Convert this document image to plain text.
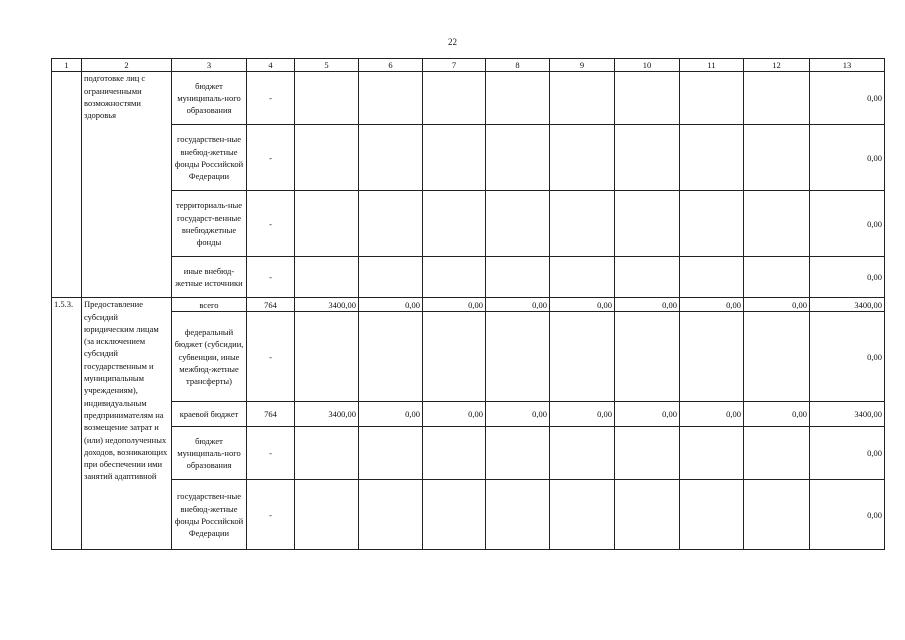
22
1	2	3	4	5	6	7	8	9	10	11	12	13
	подготовке лиц с ограниченными возможностями здоровья	бюджет муниципаль-ного образования	-									0,00
		государствен-ные внебюд-жетные фонды Российской Федерации	-									0,00
		территориаль-ные государст-венные внебюджетные фонды	-									0,00
		иные внебюд-жетные источники	-									0,00
1.5.3.	Предоставление субсидий юридическим лицам (за исключением субсидий государственным и муниципальным учреждениям), индивидуальным предпринимателям на возмещение затрат и (или) недополученных доходов, возникающих при обеспечении ими занятий адаптивной	всего	764	3400,00	0,00	0,00	0,00	0,00	0,00	0,00	0,00	3400,00
		федеральный бюджет (субсидии, субвенции, иные межбюд-жетные трансферты)	-									0,00
		краевой бюджет	764	3400,00	0,00	0,00	0,00	0,00	0,00	0,00	0,00	3400,00
		бюджет муниципаль-ного образования	-									0,00
		государствен-ные внебюд-жетные фонды Российской Федерации	-									0,00
